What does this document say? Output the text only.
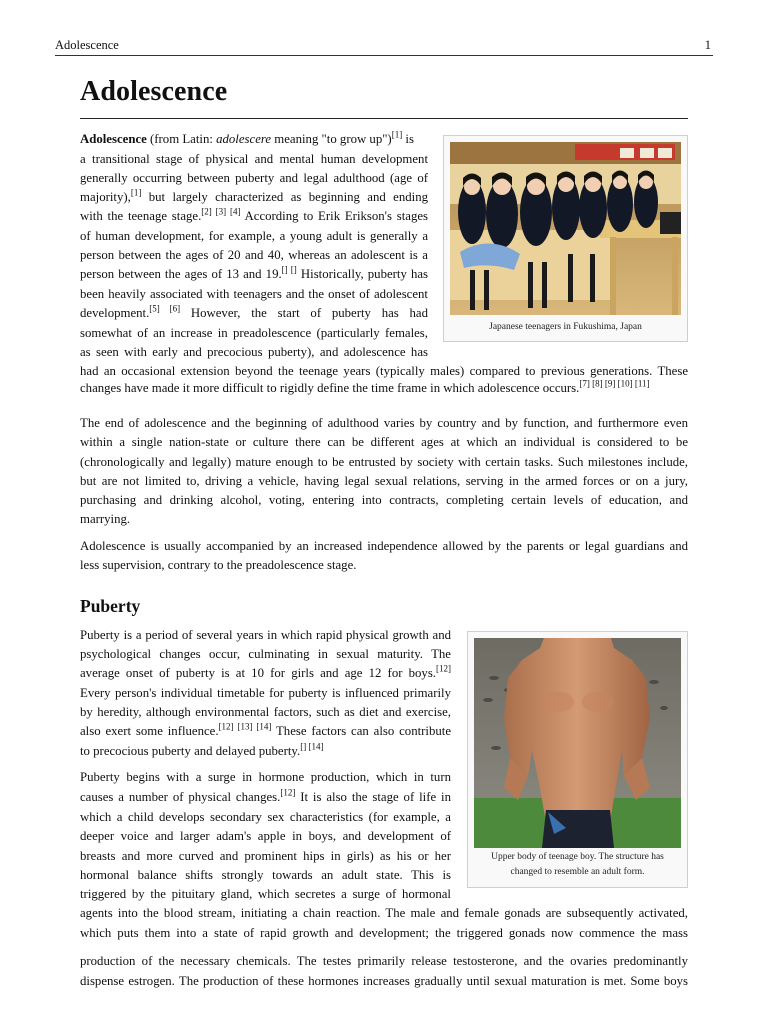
Adolescence	1
Adolescence

Adolescence (from Latin: adolescere meaning "to grow up")[1] is

a transitional stage of physical and mental human development

generally occurring between puberty and legal adulthood (age of

majority),[1] but largely characterized as beginning and ending

with the teenage stage.[2] [3] [4] According to Erik Erikson's stages

of human development, for example, a young adult is generally a

person between the ages of 20 and 40, whereas an adolescent is a

person between the ages of 13 and 19.[] [] Historically, puberty has

been heavily associated with teenagers and the onset of adolescent

development.[5] [6] However, the start of puberty has had

somewhat of an increase in preadolescence (particularly females,

as seen with early and precocious puberty), and adolescence has

had an occasional extension beyond the teenage years (typically males) compared to previous generations. These

changes have made it more difficult to rigidly define the time frame in which adolescence occurs.[7] [8] [9] [10] [11]

Japanese teenagers in Fukushima, Japan

The end of adolescence and the beginning of adulthood varies by country and by function, and furthermore even

within a single nation-state or culture there can be different ages at which an individual is considered to be

(chronologically and legally) mature enough to be entrusted by society with certain tasks. Such milestones include,

but are not limited to, driving a vehicle, having legal sexual relations, serving in the armed forces or on a jury,

purchasing and drinking alcohol, voting, entering into contracts, completing certain levels of education, and

marrying.

Adolescence is usually accompanied by an increased independence allowed by the parents or legal guardians and

less supervision, contrary to the preadolescence stage.

Puberty

Puberty is a period of several years in which rapid physical growth and

psychological changes occur, culminating in sexual maturity. The

average onset of puberty is at 10 for girls and age 12 for boys.[12]

Every person's individual timetable for puberty is influenced primarily

by heredity, although environmental factors, such as diet and exercise,

also exert some influence.[12] [13] [14] These factors can also contribute

to precocious puberty and delayed puberty.[] [14]

Puberty begins with a surge in hormone production, which in turn

causes a number of physical changes.[12] It is also the stage of life in

which a child develops secondary sex characteristics (for example, a

deeper voice and larger adam's apple in boys, and development of

breasts and more curved and prominent hips in girls) as his or her

hormonal balance shifts strongly towards an adult state. This is

triggered by the pituitary gland, which secretes a surge of hormonal

agents into the blood stream, initiating a chain reaction. The male and female gonads are subsequently activated,

which puts them into a state of rapid growth and development; the triggered gonads now commence the mass

production of the necessary chemicals. The testes primarily release testosterone, and the ovaries predominantly

dispense estrogen. The production of these hormones increases gradually until sexual maturation is met. Some boys

Upper body of teenage boy. The structure has
changed to resemble an adult form.
